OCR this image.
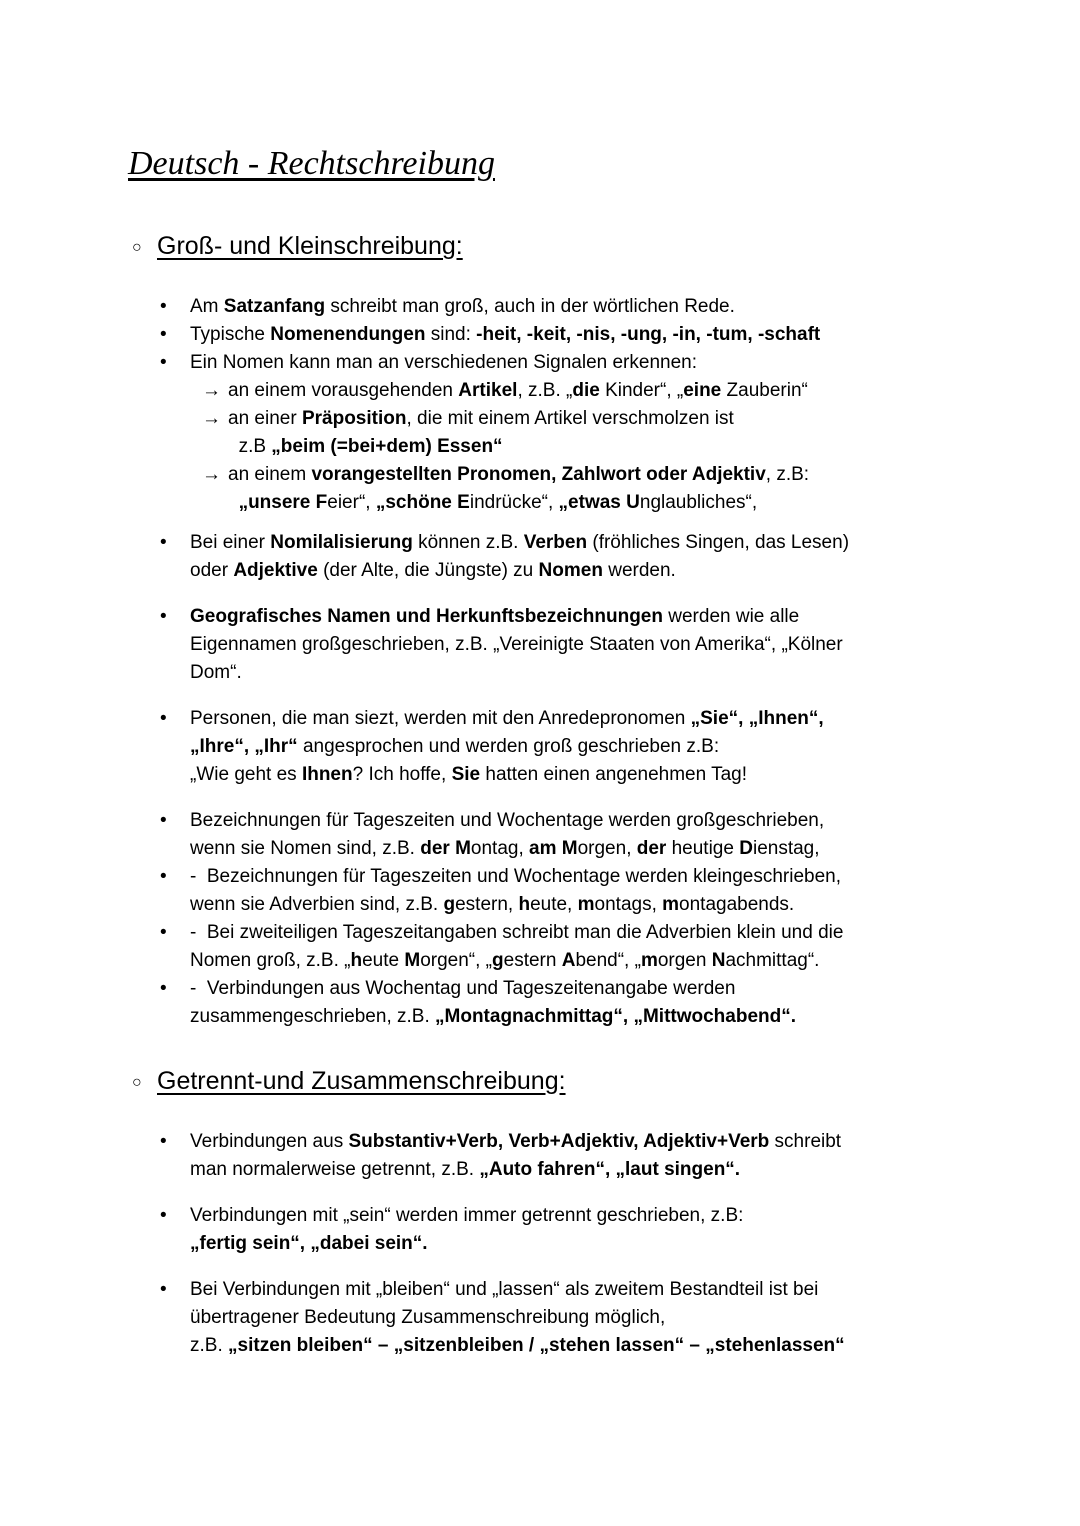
Deutsch - Rechtschreibung
○ Groß- und Kleinschreibung:
•	Am Satzanfang schreibt man groß, auch in der wörtlichen Rede.
•	Typische Nomenendungen sind: -heit, -keit, -nis, -ung, -in, -tum, -schaft
•	Ein Nomen kann man an verschiedenen Signalen erkennen:
→ an einem vorausgehenden Artikel, z.B. „die Kinder“, „eine Zauberin“
→ an einer Präposition, die mit einem Artikel verschmolzen ist
z.B „beim (=bei+dem) Essen“
→ an einem vorangestellten Pronomen, Zahlwort oder Adjektiv, z.B:
„unsere Feier“, „schöne Eindrücke“, „etwas Unglaubliches“,
•	Bei einer Nomilalisierung können z.B. Verben (fröhliches Singen, das Lesen)
oder Adjektive (der Alte, die Jüngste) zu Nomen werden.
•	Geografisches Namen und Herkunftsbezeichnungen werden wie alle
Eigennamen großgeschrieben, z.B. „Vereinigte Staaten von Amerika“, „Kölner
Dom“.
•	Personen, die man siezt, werden mit den Anredepronomen „Sie“, „Ihnen“,
„Ihre“, „Ihr“ angesprochen und werden groß geschrieben z.B:
„Wie geht es Ihnen? Ich hoffe, Sie hatten einen angenehmen Tag!
•	Bezeichnungen für Tageszeiten und Wochentage werden großgeschrieben,
wenn sie Nomen sind, z.B. der Montag, am Morgen, der heutige Dienstag,
•	-  Bezeichnungen für Tageszeiten und Wochentage werden kleingeschrieben,
wenn sie Adverbien sind, z.B. gestern, heute, montags, montagabends.
•	-  Bei zweiteiligen Tageszeitangaben schreibt man die Adverbien klein und die
Nomen groß, z.B. „heute Morgen“, „gestern Abend“, „morgen Nachmittag“.
•	-  Verbindungen aus Wochentag und Tageszeitenangabe werden
zusammengeschrieben, z.B. „Montagnachmittag“, „Mittwochabend“.
○ Getrennt-und Zusammenschreibung:
•	Verbindungen aus Substantiv+Verb, Verb+Adjektiv, Adjektiv+Verb schreibt
man normalerweise getrennt, z.B. „Auto fahren“, „laut singen“.
•	Verbindungen mit „sein“ werden immer getrennt geschrieben, z.B:
„fertig sein“, „dabei sein“.
•	Bei Verbindungen mit „bleiben“ und „lassen“ als zweitem Bestandteil ist bei
übertragener Bedeutung Zusammenschreibung möglich,
z.B. „sitzen bleiben“ – „sitzenbleiben / „stehen lassen“ – „stehenlassen“
